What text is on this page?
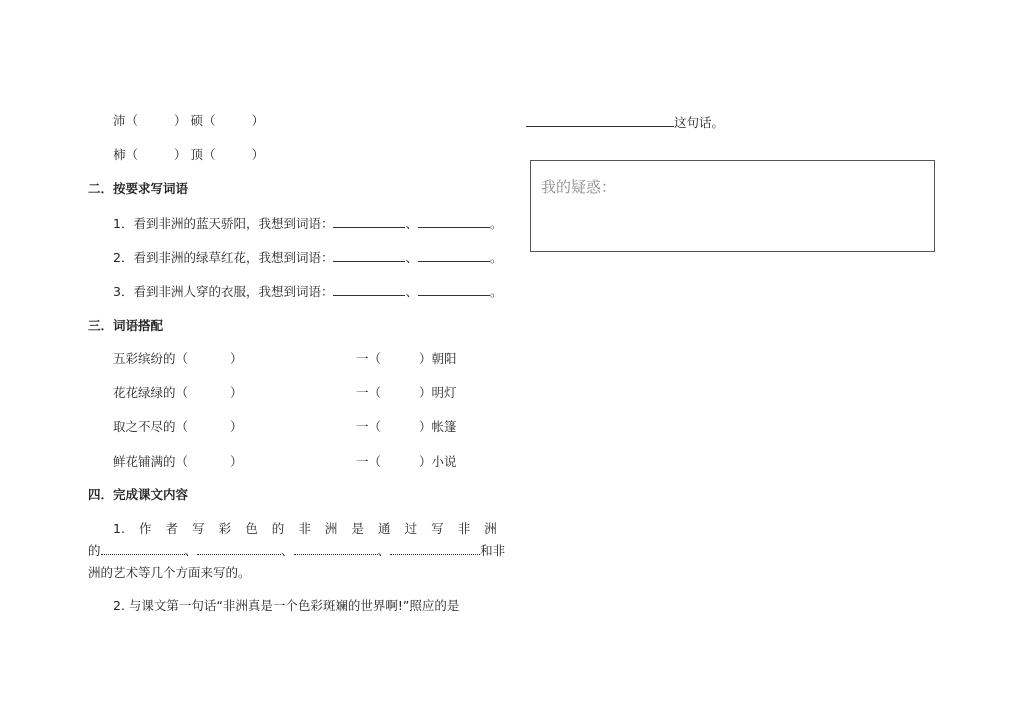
沛（	） 硕（	）
柿（	） 顶（	）
二．按要求写词语
1．看到非洲的蓝天骄阳，我想到词语：	、	。
2．看到非洲的绿草红花，我想到词语：	、	。
3．看到非洲人穿的衣服，我想到词语：	、	。
三．词语搭配
五彩缤纷的（	）	一（	）朝阳
花花绿绿的（	）	一（	）明灯
取之不尽的（	）	一（	）帐篷
鲜花铺满的（	）	一（	）小说
四．完成课文内容
1. 作 者 写 彩 色 的 非 洲 是 通 过 写 非 洲
的	、	、	、	和非
洲的艺术等几个方面来写的。
2. 与课文第一句话“非洲真是一个色彩斑斓的世界啊!”照应的是
这句话。
我的疑惑：
